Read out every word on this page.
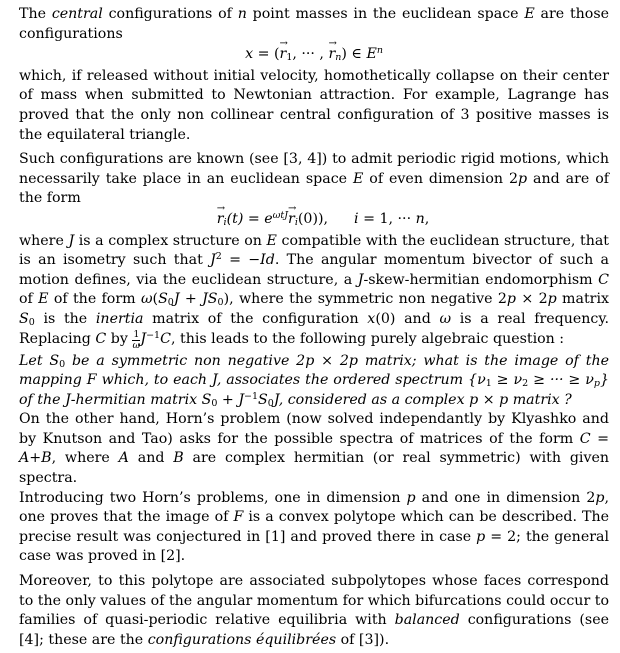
The central configurations of n point masses in the euclidean space E are those configurations

x = (→ $r_1$, ··· , → $r_n$) ∈ $E^n$

which, if released without initial velocity, homothetically collapse on their center of mass when submitted to Newtonian attraction. For example, Lagrange has proved that the only non collinear central configuration of 3 positive masses is the equilateral triangle.

Such configurations are known (see [3, 4]) to admit periodic rigid motions, which necessarily take place in an euclidean space E of even dimension 2p and are of the form

→ $r_i(t) = e^{\omega tJ}\to r_i(0)$), i = 1, ··· n,

where J is a complex structure on E compatible with the euclidean structure, that is an isometry such that $J^2 = -Id$. The angular momentum bivector of such a motion defines, via the euclidean structure, a J-skew-hermitian endomorphism C of E of the form $\omega(S_0J + JS_0)$, where the symmetric non negative 2p × 2p matrix $S_0$ is the inertia matrix of the configuration x(0) and ω is a real frequency. Replacing C by $\frac{1}{\omega} J^{-1}C$, this leads to the following purely algebraic question :

Let $S_0$ be a symmetric non negative 2p × 2p matrix; what is the image of the mapping F which, to each J, associates the ordered spectrum {$\nu_1 \ge \nu_2$ ≥ ··· ≥ $\nu_p$} of the J-hermitian matrix $S_0 + J^{-1}S_0J$, considered as a complex p × p matrix ?

On the other hand, Horn’s problem (now solved independantly by Klyashko and by Knutson and Tao) asks for the possible spectra of matrices of the form C = A+B, where A and B are complex hermitian (or real symmetric) with given spectra.

Introducing two Horn’s problems, one in dimension p and one in dimension 2p, one proves that the image of F is a convex polytope which can be described. The precise result was conjectured in [1] and proved there in case p = 2; the general case was proved in [2].

Moreover, to this polytope are associated subpolytopes whose faces correspond to the only values of the angular momentum for which bifurcations could occur to families of quasi-periodic relative equilibria with balanced configurations (see [4]; these are the configurations équilibrées of [3]).
